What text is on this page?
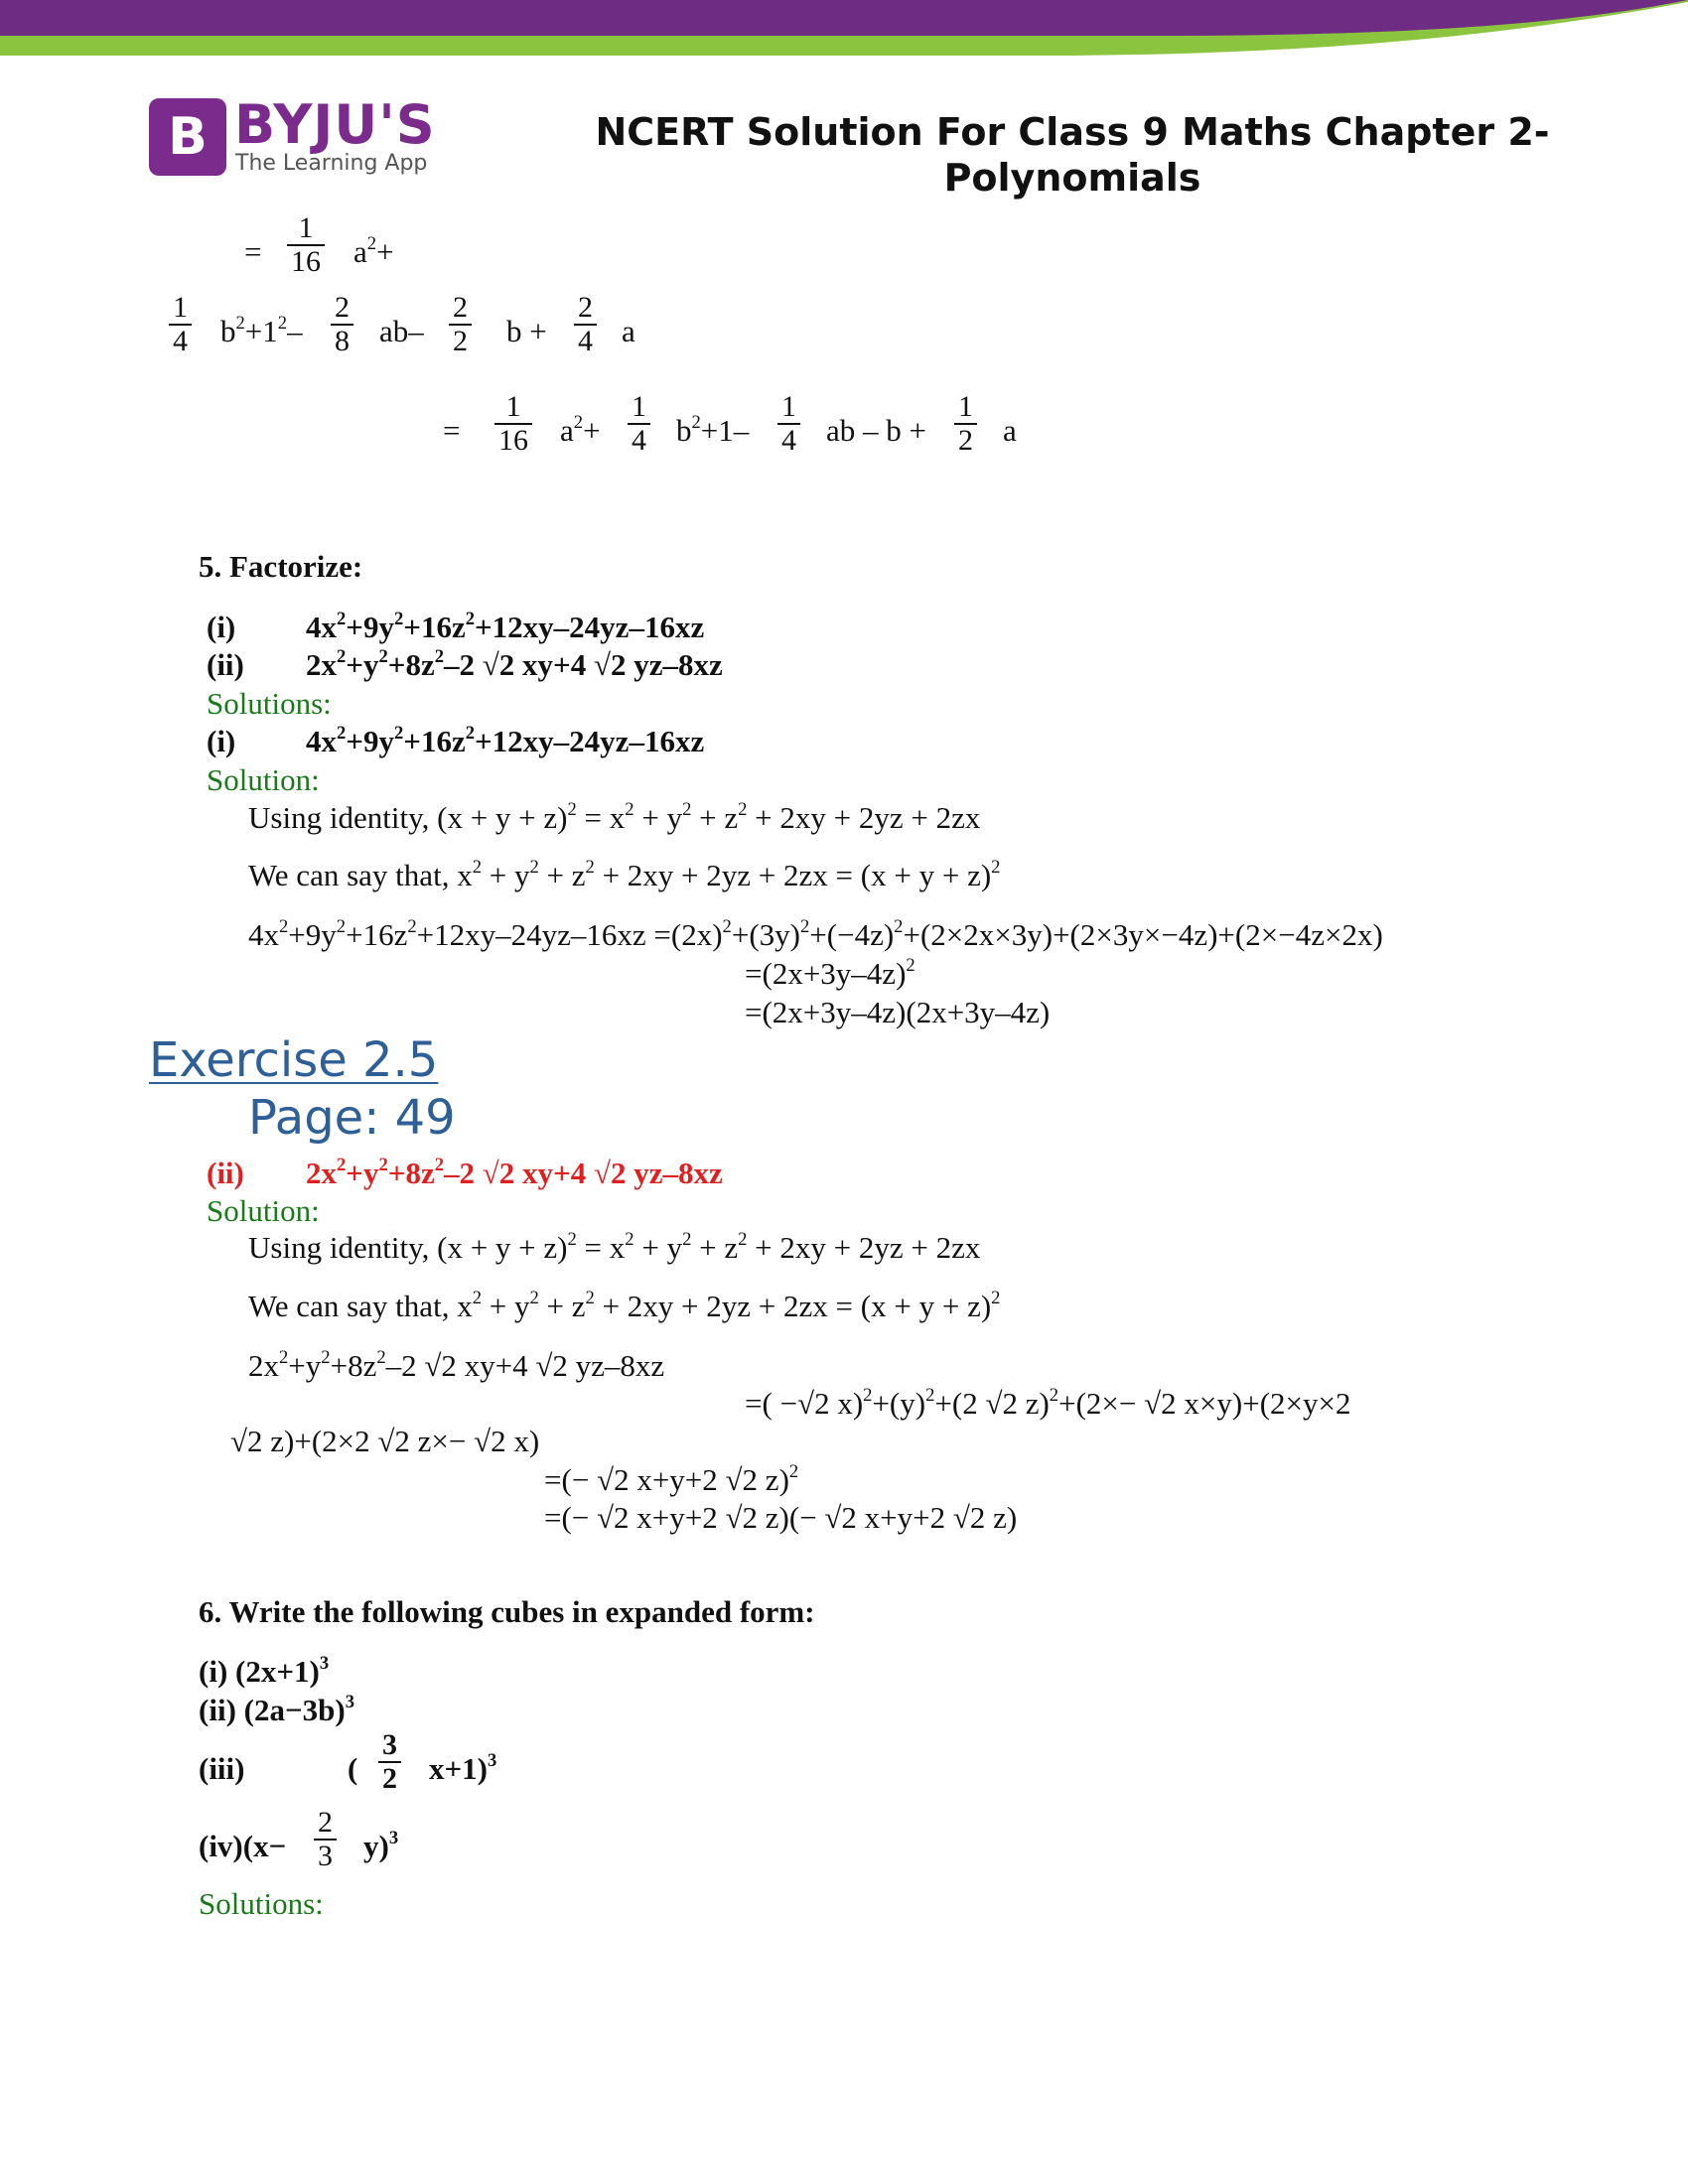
B BYJU'S
The Learning App
NCERT Solution For Class 9 Maths Chapter 2- Polynomials
= $\frac{1}{16} a^2+$
$\frac{1}{4} b^2+1^2- \frac{2}{8} ab- \frac{2}{2}$ $b + \frac{2}{4}$ a
= $\frac{1}{16} a^2+ \frac{1}{4} b^2+1- \frac{1}{4}$ ab – $b + \frac{1}{2}$ a
5. Factorize:
(i) $4x^2+9y^2+16z^2+12xy-24yz-16xz$
(ii) $2x^2+y^2+8z^2-2$ √2 xy+4 √2 yz–8xz
Solutions:
(i) $4x^2+9y^2+16z^2+12xy-24yz-16xz$
Solution:
Using identity, $(x + y + z)^2 = x^2 + y^2 + z^2 + 2xy + 2yz + 2zx$
We can say that, $x^2 + y^2 + z^2 + 2xy + 2yz + 2zx = (x + y + z)^2$
$4x^2+9y^2+16z^2+12xy-24yz-16xz =(2x)^2+(3y)^2+(-4z)^2+(2\times 2x\times 3y)+(2\times 3y\times-4z)+(2\times-4z\times 2x)$
$=(2x+3y-4z)^2$
=(2x+3y–4z)(2x+3y–4z)
Exercise 2.5
Page: 49
(ii) $2x^2+y^2+8z^2-2$ √2 xy+4 √2 yz–8xz
Solution:
Using identity, $(x + y + z)^2 = x^2 + y^2 + z^2 + 2xy + 2yz + 2zx$
We can say that, $x^2 + y^2 + z^2 + 2xy + 2yz + 2zx = (x + y + z)^2$
$2x^2+y^2+8z^2-2$ √2 xy+4 √2 yz–8xz
=( −√2 $x)^2+(y)^2+(2$ √2 z)$^2$+(2×− √2 x×y)+(2×y×2
√2 z)+(2×2 √2 z×− √2 x)
=(− √2 x+y+2 √2 z)$^2$
=(− √2 x+y+2 √2 z)(− √2 x+y+2 √2 z)
6. Write the following cubes in expanded form:
(i) $(2x+1)^3$
(ii) $(2a-3b)^3$
(iii)	( $\frac{3}{2} x+1)^3$
$(iv)(x- \frac{2}{3} y)^3$
Solutions:
